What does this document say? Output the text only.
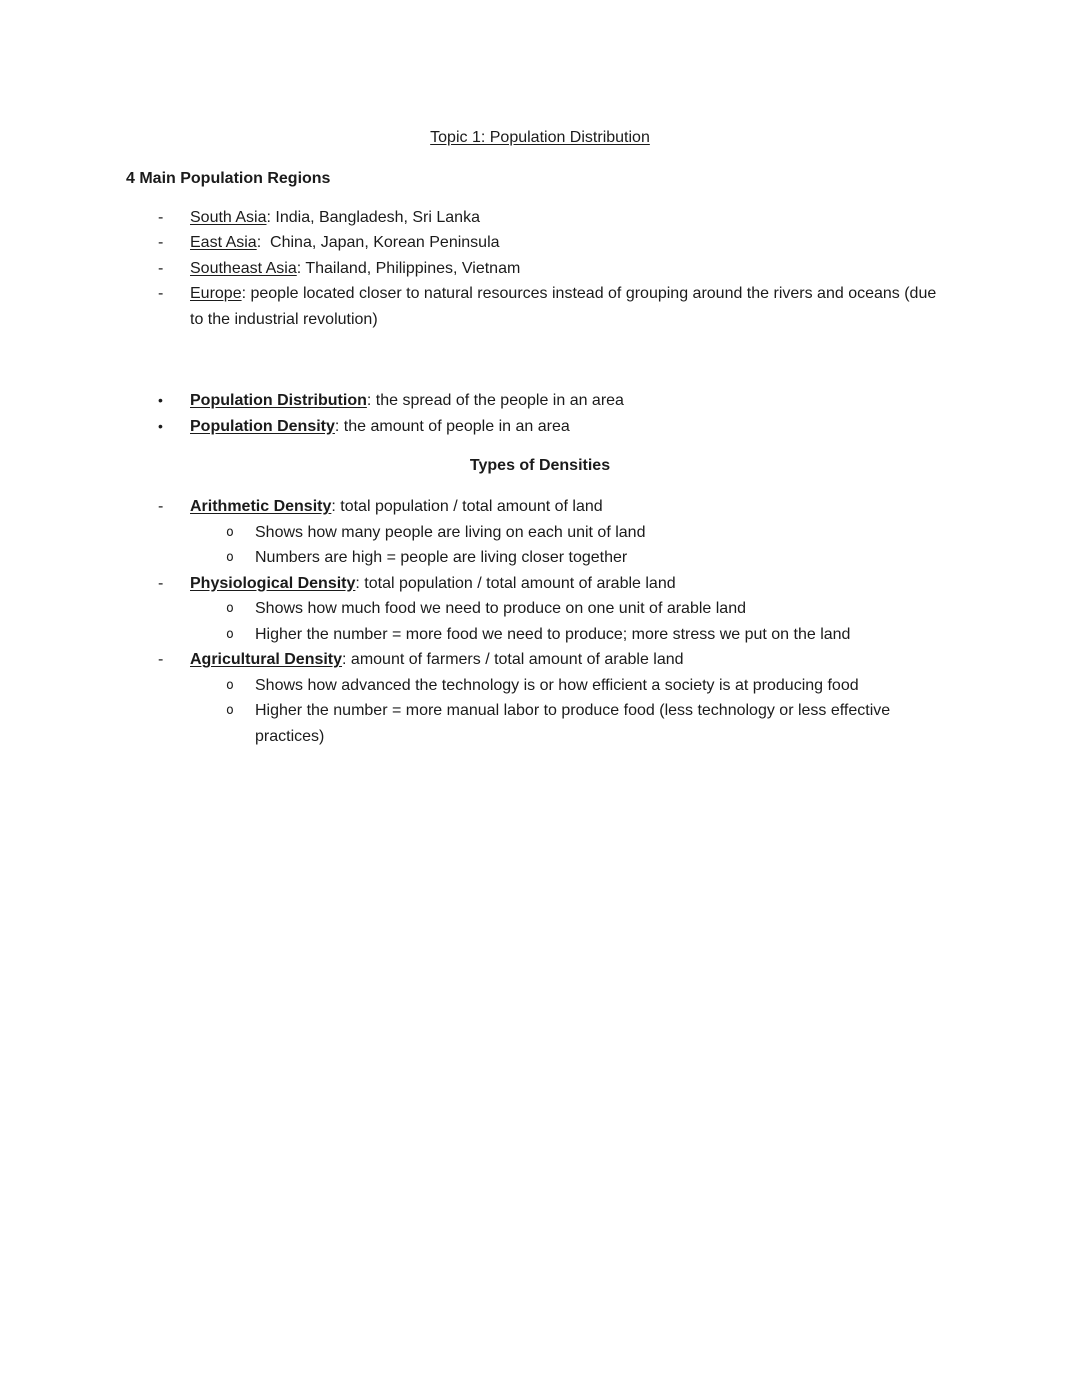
Topic 1: Population Distribution
4 Main Population Regions
-	South Asia: India, Bangladesh, Sri Lanka

-	East Asia:  China, Japan, Korean Peninsula

-	Southeast Asia: Thailand, Philippines, Vietnam

-	Europe: people located closer to natural resources instead of grouping around the rivers and oceans (due to the industrial revolution)

•	Population Distribution: the spread of the people in an area

•	Population Density: the amount of people in an area

Types of Densities
-	Arithmetic Density: total population / total amount of land

o	Shows how many people are living on each unit of land

o	Numbers are high = people are living closer together

-	Physiological Density: total population / total amount of arable land

o	Shows how much food we need to produce on one unit of arable land

o	Higher the number = more food we need to produce; more stress we put on the land

-	Agricultural Density: amount of farmers / total amount of arable land

o	Shows how advanced the technology is or how efficient a society is at producing food

o	Higher the number = more manual labor to produce food (less technology or less effective practices)
